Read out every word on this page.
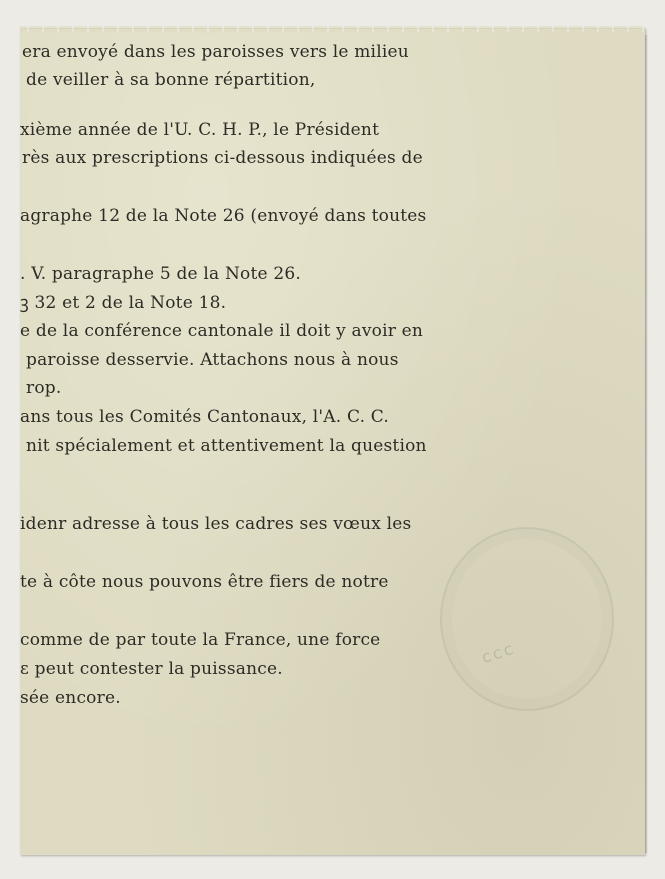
CCC

era envoyé dans les paroisses vers le milieu

de veiller à sa bonne répartition,

xième année de l'U. C. H. P., le Président

rès aux prescriptions ci-dessous indiquées de

agraphe 12 de la Note 26 (envoyé dans toutes

. V. paragraphe 5 de la Note 26.

ꝫ 32 et 2 de la Note 18.

e de la conférence cantonale il doit y avoir en

paroisse desservie. Attachons nous à nous

rop.

ans tous les Comités Cantonaux, l'A. C. C.

nit spécialement et attentivement la question

idenr adresse à tous les cadres ses vœux les

te à côte nous pouvons être fiers de notre

comme de par toute la France, une force

ɛ peut contester la puissance.

sée encore.
